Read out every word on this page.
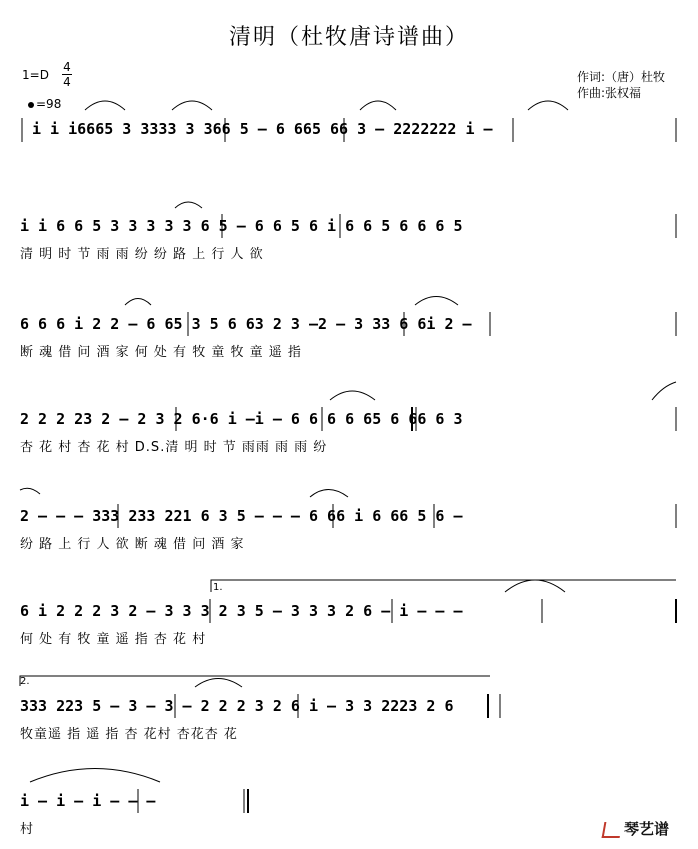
清明（杜牧唐诗谱曲）
1=D
4
4
=98
作词:（唐）杜牧
作曲:张权福
i i i6665 3 3333 3 366 5 – 6 665 66 3 – 2222222 i –
i i 6 6 5 3 3 3 3 3 6 5 – 6 6 5 6 i 6 6 5 6 6 6 5
清 明 时 节 雨 雨 纷 纷 路 上 行 人 欲
6 6 6 i 2 2 – 6 65 3 5 6 63 2 3 –2 – 3 33 6 6i 2 –
断 魂 借 问 酒 家 何 处 有 牧 童 牧 童 遥 指
2 2 2 23 2 – 2 3 2 6·6 i –i – 6 6 6 6 65 6 66 6 3
杏 花 村 杏 花 村 D.S.清 明 时 节 雨雨 雨 雨 纷
2 – – – 333 233 221 6 3 5 – – – 6 66 i 6 66 5 6 –
纷 路 上 行 人 欲 断 魂 借 问 酒 家
1.
6 i 2 2 2 3 2 – 3 3 3 2 3 5 – 3 3 3 2 6 – i – – –
何 处 有 牧 童 遥 指 杏 花 村
2.
333 223 5 – 3 – 3 – 2 2 2 3 2 6 i – 3 3 2223 2 6
牧童遥 指 遥 指 杏 花村 杏花杏 花
i – i – i – – –
村	琴艺谱
